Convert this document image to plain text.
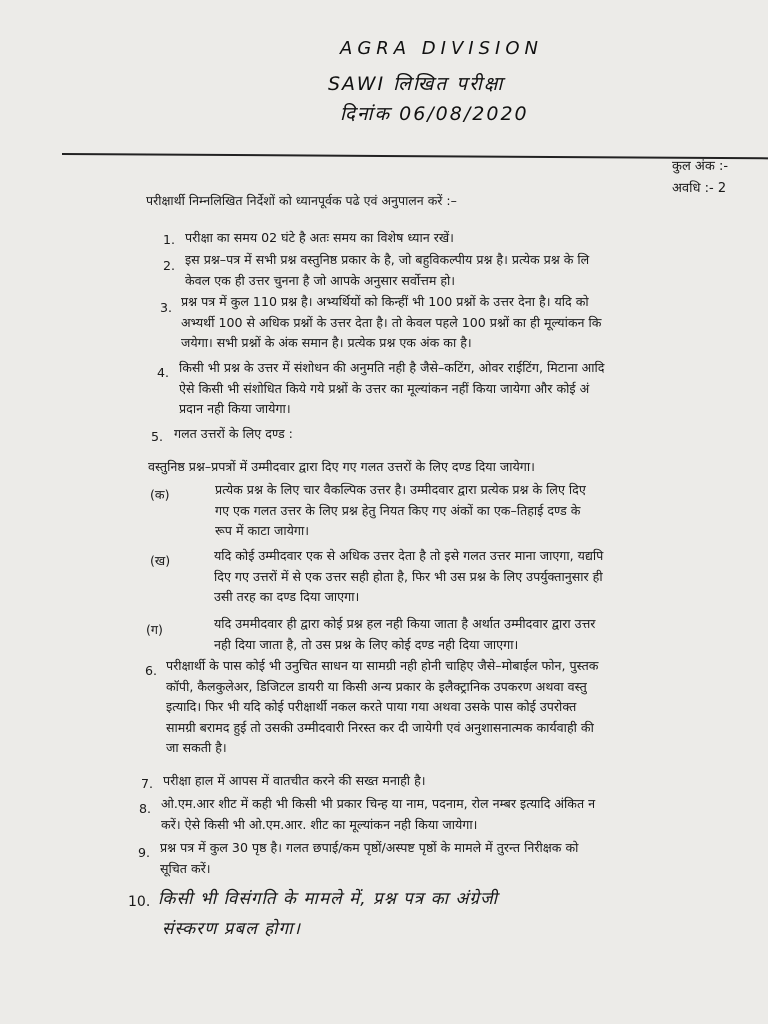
AGRA DIVISION
SAWI लिखित परीक्षा
दिनांक 06/08/2020
कुल अंक :-
अवधि :- 2
परीक्षार्थी निम्नलिखित निर्देशों को ध्यानपूर्वक पढे एवं अनुपालन करें :–
1. परीक्षा का समय 02 घंटे है अतः समय का विशेष ध्यान रखें।
2. इस प्रश्न–पत्र में सभी प्रश्न वस्तुनिष्ठ प्रकार के है, जो बहुविकल्पीय प्रश्न है। प्रत्येक प्रश्न के लि
केवल एक ही उत्तर चुनना है जो आपके अनुसार सर्वोत्तम हो।
3. प्रश्न पत्र में कुल 110 प्रश्न है। अभ्यर्थियों को किन्हीं भी 100 प्रश्नों के उत्तर देना है। यदि को
अभ्यर्थी 100 से अधिक प्रश्नों के उत्तर देता है। तो केवल पहले 100 प्रश्नों का ही मूल्यांकन कि
जयेगा। सभी प्रश्नों के अंक समान है। प्रत्येक प्रश्न एक अंक का है।
4. किसी भी प्रश्न के उत्तर में संशोधन की अनुमति नही है जैसे–कटिंग, ओवर राईटिंग, मिटाना आदि
ऐसे किसी भी संशोधित किये गये प्रश्नों के उत्तर का मूल्यांकन नहीं किया जायेगा और कोई अं
प्रदान नही किया जायेगा।
5. गलत उत्तरों के लिए दण्ड :
वस्तुनिष्ठ प्रश्न–प्रपत्रों में उम्मीदवार द्वारा दिए गए गलत उत्तरों के लिए दण्ड दिया जायेगा।
(क)	प्रत्येक प्रश्न के लिए चार वैकल्पिक उत्तर है। उम्मीदवार द्वारा प्रत्येक प्रश्न के लिए दिए
गए एक गलत उत्तर के लिए प्रश्न हेतु नियत किए गए अंकों का एक–तिहाई दण्ड के
रूप में काटा जायेगा।
(ख)	यदि कोई उम्मीदवार एक से अधिक उत्तर देता है तो इसे गलत उत्तर माना जाएगा, यद्यपि
दिए गए उत्तरों में से एक उत्तर सही होता है, फिर भी उस प्रश्न के लिए उपर्युक्तानुसार ही
उसी तरह का दण्ड दिया जाएगा।
(ग)	यदि उममीदवार ही द्वारा कोई प्रश्न हल नही किया जाता है अर्थात उम्मीदवार द्वारा उत्तर
नही दिया जाता है, तो उस प्रश्न के लिए कोई दण्ड नही दिया जाएगा।
6. परीक्षार्थी के पास कोई भी उनुचित साधन या सामग्री नही होनी चाहिए जैसे–मोबाईल फोन, पुस्तक
कॉपी, कैलकुलेअर, डिजिटल डायरी या किसी अन्य प्रकार के इलैक्ट्रानिक उपकरण अथवा वस्तु
इत्यादि। फिर भी यदि कोई परीक्षार्थी नकल करते पाया गया अथवा उसके पास कोई उपरोक्त
सामग्री बरामद हुई तो उसकी उम्मीदवारी निरस्त कर दी जायेगी एवं अनुशासनात्मक कार्यवाही की
जा सकती है।
7. परीक्षा हाल में आपस में वातचीत करने की सख्त मनाही है।
8. ओ.एम.आर शीट में कही भी किसी भी प्रकार चिन्ह या नाम, पदनाम, रोल नम्बर इत्यादि अंकित न
करें। ऐसे किसी भी ओ.एम.आर. शीट का मूल्यांकन नही किया जायेगा।
9. प्रश्न पत्र में कुल 30 पृष्ठ है। गलत छपाई/कम पृष्ठों/अस्पष्ट पृष्ठों के मामले में तुरन्त निरीक्षक को
सूचित करें।
10. किसी भी विसंगति के मामले में, प्रश्न पत्र का अंग्रेजी
संस्करण प्रबल होगा।
